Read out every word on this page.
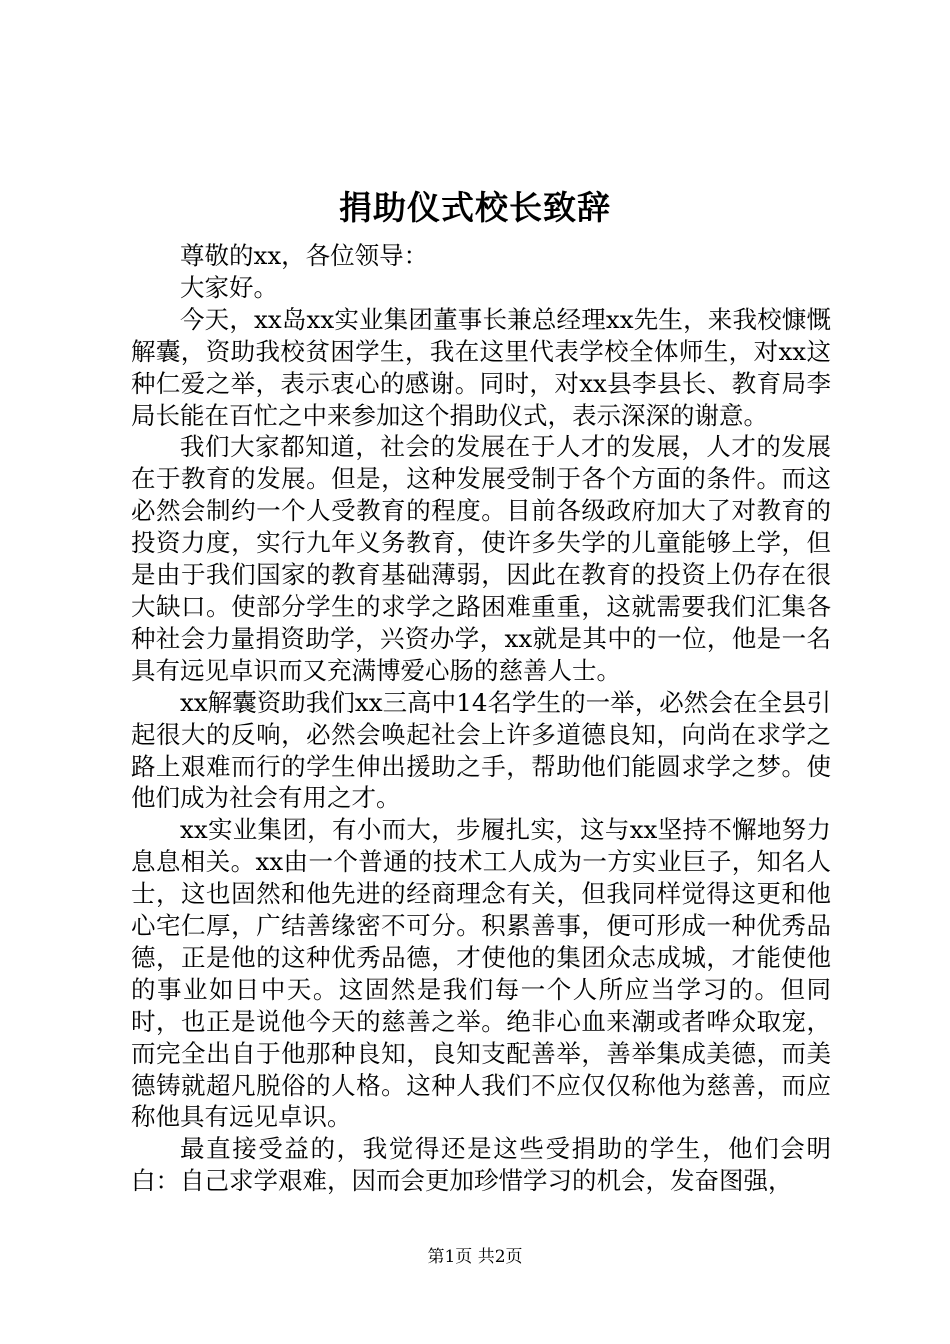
捐助仪式校长致辞

尊敬的xx，各位领导：

大家好。

今天，xx岛xx实业集团董事长兼总经理xx先生，来我校慷慨解囊，资助我校贫困学生，我在这里代表学校全体师生，对xx这种仁爱之举，表示衷心的感谢。同时，对xx县李县长、教育局李局长能在百忙之中来参加这个捐助仪式，表示深深的谢意。

我们大家都知道，社会的发展在于人才的发展，人才的发展在于教育的发展。但是，这种发展受制于各个方面的条件。而这必然会制约一个人受教育的程度。目前各级政府加大了对教育的投资力度，实行九年义务教育，使许多失学的儿童能够上学，但是由于我们国家的教育基础薄弱，因此在教育的投资上仍存在很大缺口。使部分学生的求学之路困难重重，这就需要我们汇集各种社会力量捐资助学，兴资办学，xx就是其中的一位，他是一名具有远见卓识而又充满博爱心肠的慈善人士。

xx解囊资助我们xx三高中14名学生的一举，必然会在全县引起很大的反响，必然会唤起社会上许多道德良知，向尚在求学之路上艰难而行的学生伸出援助之手，帮助他们能圆求学之梦。使他们成为社会有用之才。

xx实业集团，有小而大，步履扎实，这与xx坚持不懈地努力息息相关。xx由一个普通的技术工人成为一方实业巨子，知名人士，这也固然和他先进的经商理念有关，但我同样觉得这更和他心宅仁厚，广结善缘密不可分。积累善事，便可形成一种优秀品德，正是他的这种优秀品德，才使他的集团众志成城，才能使他的事业如日中天。这固然是我们每一个人所应当学习的。但同时，也正是说他今天的慈善之举。绝非心血来潮或者哗众取宠，而完全出自于他那种良知，良知支配善举，善举集成美德，而美德铸就超凡脱俗的人格。这种人我们不应仅仅称他为慈善，而应称他具有远见卓识。

最直接受益的，我觉得还是这些受捐助的学生，他们会明白：自己求学艰难，因而会更加珍惜学习的机会，发奋图强，

第1页 共2页
